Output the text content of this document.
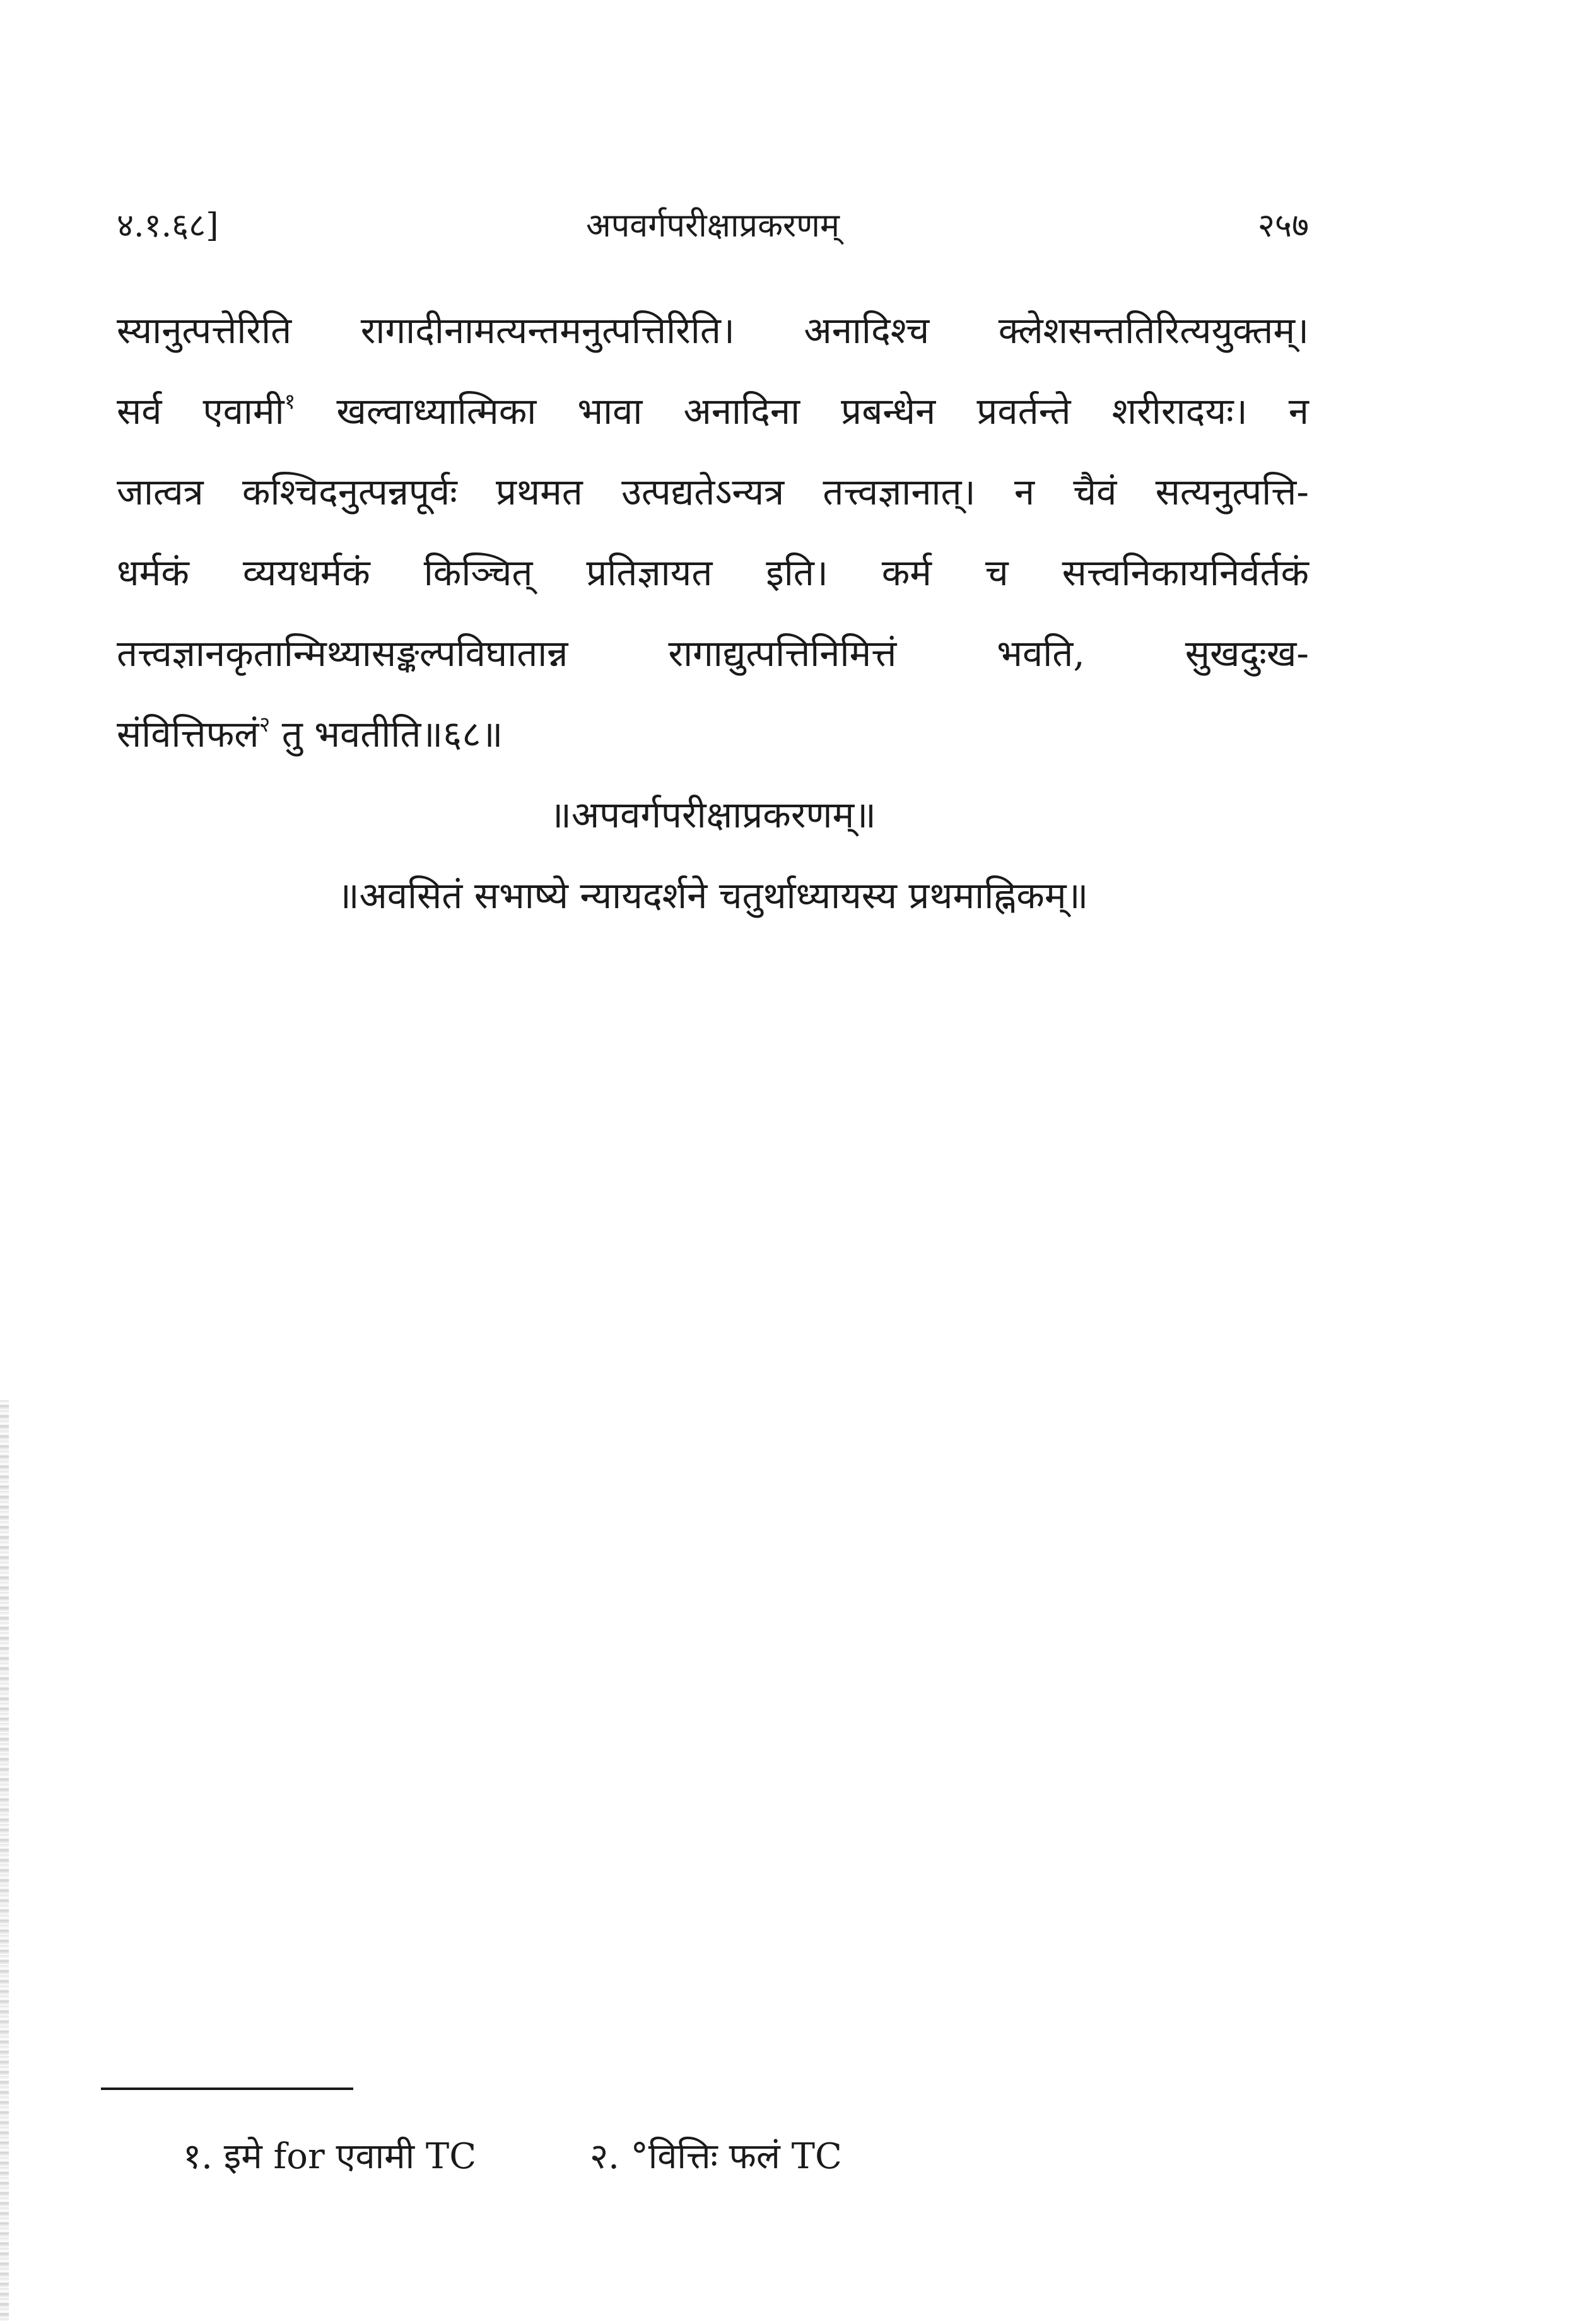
४.१.६८]	अपवर्गपरीक्षाप्रकरणम्	२५७
स्यानुत्पत्तेरिति रागादीनामत्यन्तमनुत्पत्तिरिति। अनादिश्च क्लेशसन्ततिरित्ययुक्तम्।
सर्व एवामी$^१$ खल्वाध्यात्मिका भावा अनादिना प्रबन्धेन प्रवर्तन्ते शरीरादयः। न
जात्वत्र कश्चिदनुत्पन्नपूर्वः प्रथमत उत्पद्यतेऽन्यत्र तत्त्वज्ञानात्। न चैवं सत्यनुत्पत्ति-
धर्मकं व्ययधर्मकं किञ्चित् प्रतिज्ञायत इति। कर्म च सत्त्वनिकायनिर्वर्तकं
तत्त्वज्ञानकृतान्मिथ्यासङ्कल्पविघातान्न रागाद्युत्पत्तिनिमित्तं भवति, सुखदुःख-
संवित्तिफलं$^२$ तु भवतीति॥६८॥
॥अपवर्गपरीक्षाप्रकरणम्॥
॥अवसितं सभाष्ये न्यायदर्शने चतुर्थाध्यायस्य प्रथमाह्निकम्॥
१. इमे for एवामी TC	२. °वित्तिः फलं TC
